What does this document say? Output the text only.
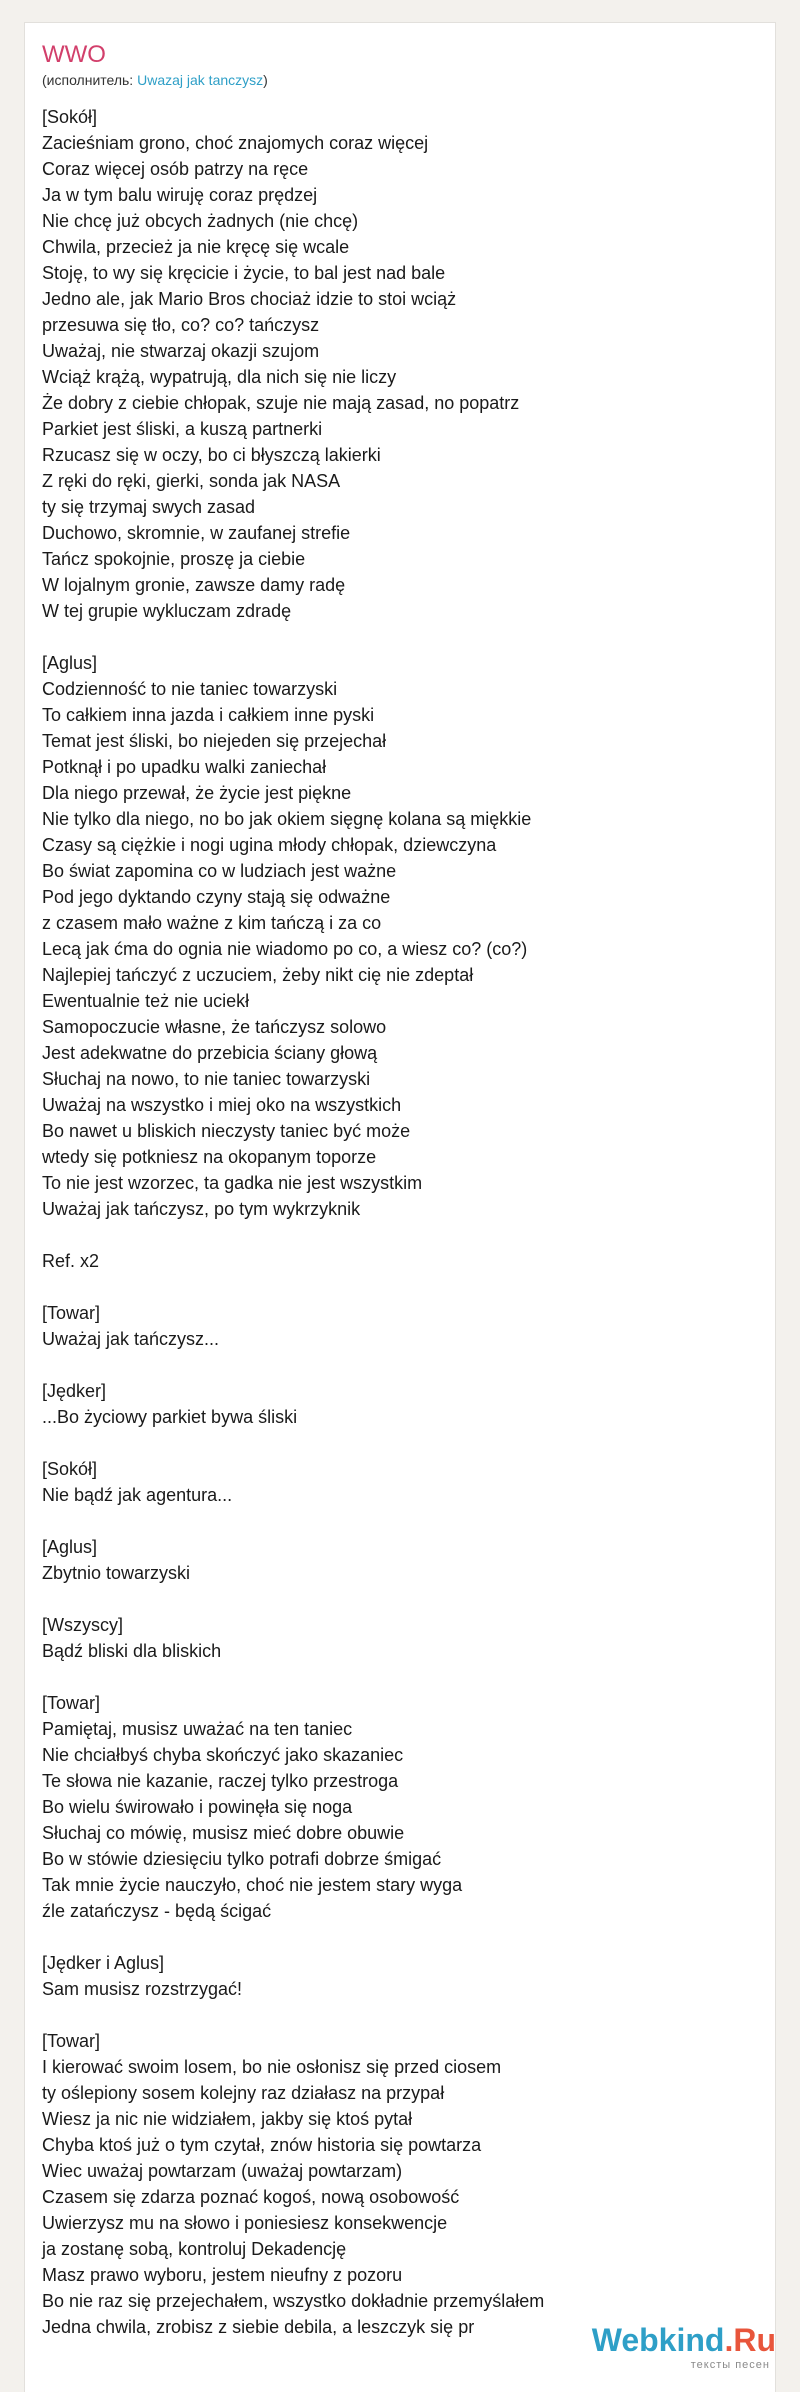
WWO
(исполнитель: Uwazaj jak tanczysz)
[Sokół]
Zacieśniam grono, choć znajomych coraz więcej
Coraz więcej osób patrzy na ręce
Ja w tym balu wiruję coraz prędzej
Nie chcę już obcych żadnych (nie chcę)
Chwila, przecież ja nie kręcę się wcale
Stoję, to wy się kręcicie i życie, to bal jest nad bale
Jedno ale, jak Mario Bros chociaż idzie to stoi wciąż
przesuwa się tło, co? co? tańczysz
Uważaj, nie stwarzaj okazji szujom
Wciąż krążą, wypatrują, dla nich się nie liczy
Że dobry z ciebie chłopak, szuje nie mają zasad, no popatrz
Parkiet jest śliski, a kuszą partnerki
Rzucasz się w oczy, bo ci błyszczą lakierki
Z ręki do ręki, gierki, sonda jak NASA
ty się trzymaj swych zasad
Duchowo, skromnie, w zaufanej strefie
Tańcz spokojnie, proszę ja ciebie
W lojalnym gronie, zawsze damy radę
W tej grupie wykluczam zdradę
[Aglus]
Codzienność to nie taniec towarzyski
To całkiem inna jazda i całkiem inne pyski
Temat jest śliski, bo niejeden się przejechał
Potknął i po upadku walki zaniechał
Dla niego przewał, że życie jest piękne
Nie tylko dla niego, no bo jak okiem sięgnę kolana są miękkie
Czasy są ciężkie i nogi ugina młody chłopak, dziewczyna
Bo świat zapomina co w ludziach jest ważne
Pod jego dyktando czyny stają się odważne
z czasem mało ważne z kim tańczą i za co
Lecą jak ćma do ognia nie wiadomo po co, a wiesz co? (co?)
Najlepiej tańczyć z uczuciem, żeby nikt cię nie zdeptał
Ewentualnie też nie uciekł
Samopoczucie własne, że tańczysz solowo
Jest adekwatne do przebicia ściany głową
Słuchaj na nowo, to nie taniec towarzyski
Uważaj na wszystko i miej oko na wszystkich
Bo nawet u bliskich nieczysty taniec być może
wtedy się potkniesz na okopanym toporze
To nie jest wzorzec, ta gadka nie jest wszystkim
Uważaj jak tańczysz, po tym wykrzyknik
Ref. x2
[Towar]
Uważaj jak tańczysz...
[Jędker]
...Bo życiowy parkiet bywa śliski
[Sokół]
Nie bądź jak agentura...
[Aglus]
Zbytnio towarzyski
[Wszyscy]
Bądź bliski dla bliskich
[Towar]
Pamiętaj, musisz uważać na ten taniec
Nie chciałbyś chyba skończyć jako skazaniec
Te słowa nie kazanie, raczej tylko przestroga
Bo wielu świrowało i powinęła się noga
Słuchaj co mówię, musisz mieć dobre obuwie
Bo w stówie dziesięciu tylko potrafi dobrze śmigać
Tak mnie życie nauczyło, choć nie jestem stary wyga
źle zatańczysz - będą ścigać
[Jędker i Aglus]
Sam musisz rozstrzygać!
[Towar]
I kierować swoim losem, bo nie osłonisz się przed ciosem
ty oślepiony sosem kolejny raz działasz na przypał
Wiesz ja nic nie widziałem, jakby się ktoś pytał
Chyba ktoś już o tym czytał, znów historia się powtarza
Wiec uważaj powtarzam (uważaj powtarzam)
Czasem się zdarza poznać kogoś, nową osobowość
Uwierzysz mu na słowo i poniesiesz konsekwencje
ja zostanę sobą, kontroluj Dekadencję
Masz prawo wyboru, jestem nieufny z pozoru
Bo nie raz się przejechałem, wszystko dokładnie przemyślałem
Jedna chwila, zrobisz z siebie debila, a leszczyk się pr	Webkind.Ru
тексты песен
